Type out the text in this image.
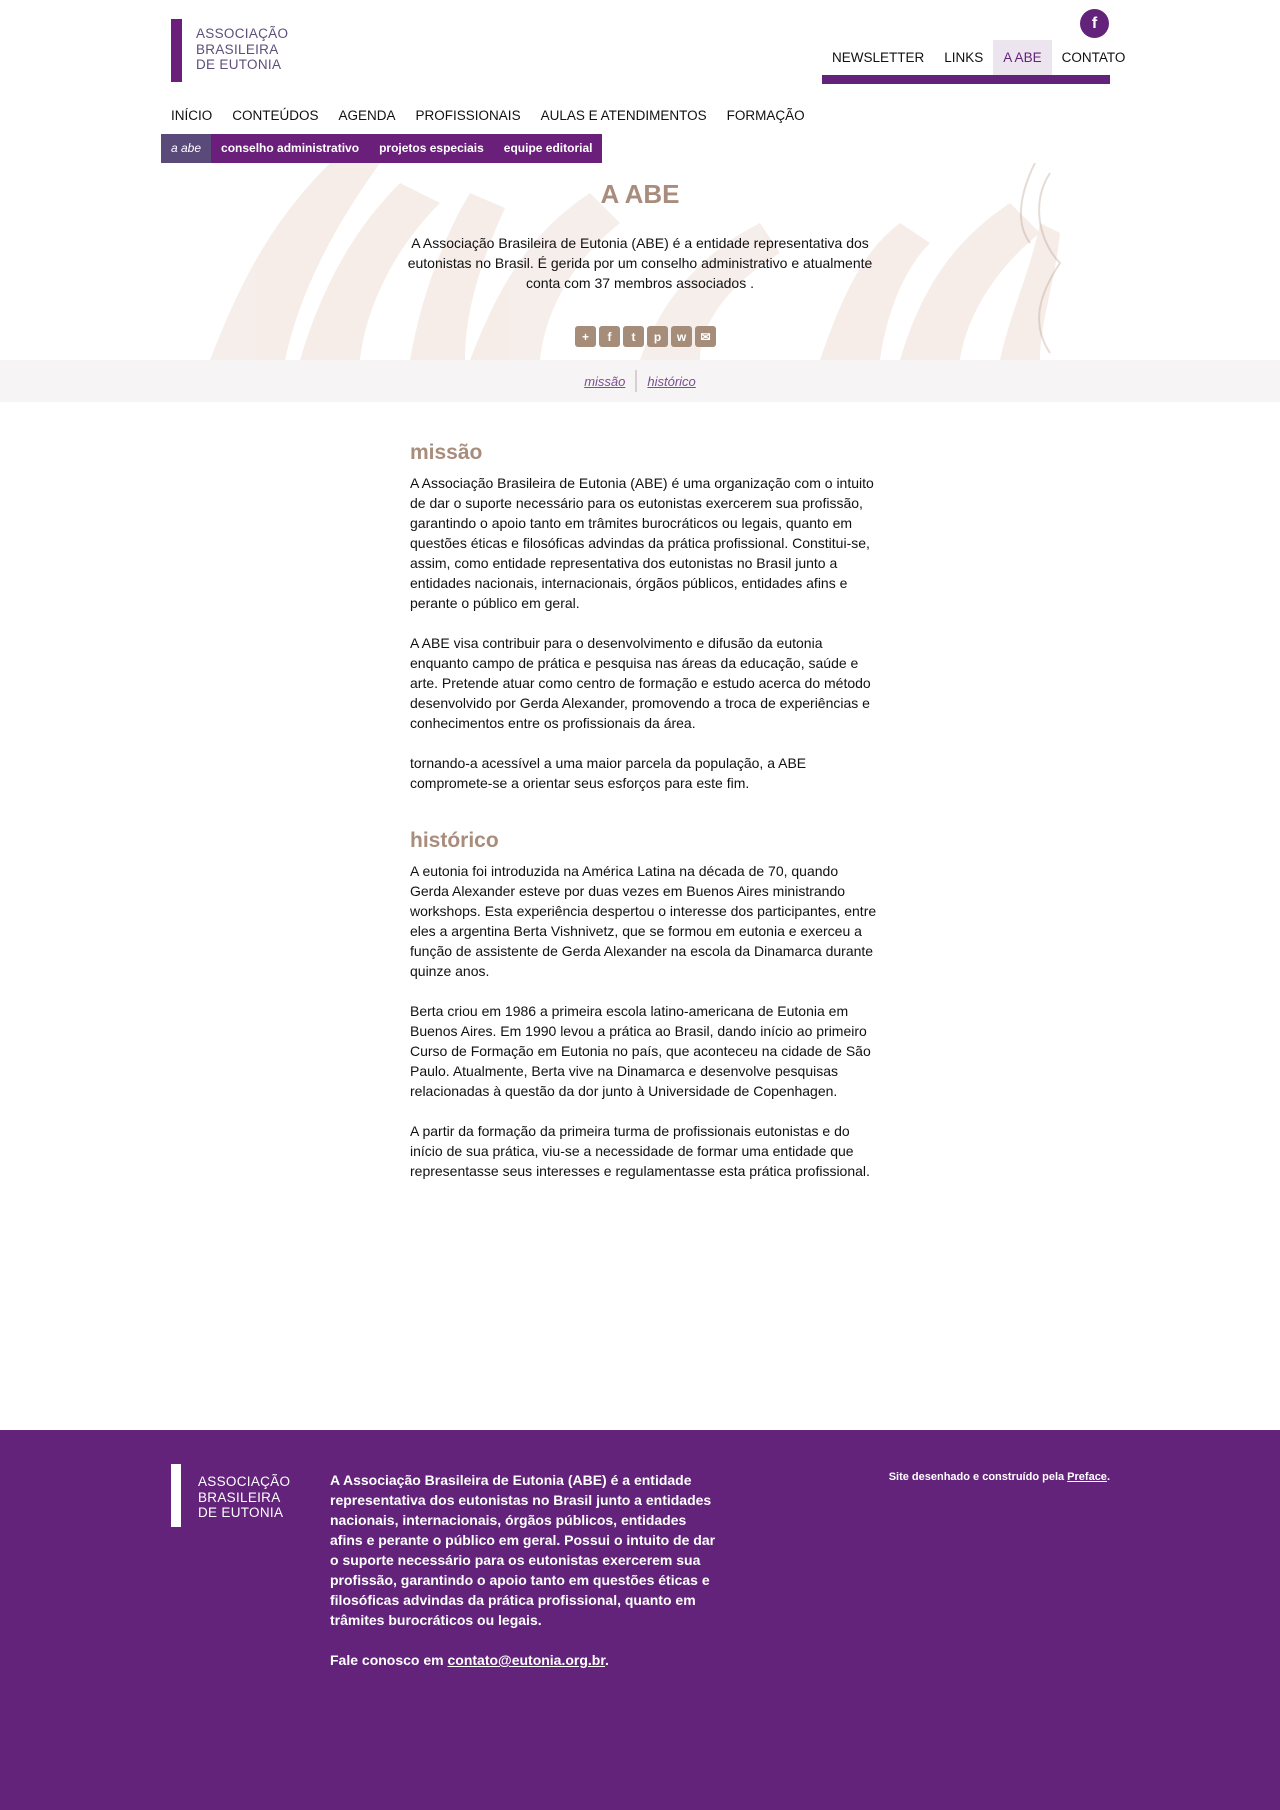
ASSOCIAÇÃO
BRASILEIRA
DE EUTONIA
f
NEWSLETTER	LINKS	A ABE	CONTATO
INÍCIO CONTEÚDOS AGENDA PROFISSIONAIS AULAS E ATENDIMENTOS FORMAÇÃO
a abe	conselho administrativo	projetos especiais	equipe editorial
A ABE

A Associação Brasileira de Eutonia (ABE) é a entidade representativa dos eutonistas no Brasil. É gerida por um conselho administrativo e atualmente conta com 37 membros associados .

+	f	t	p	w	✉
missão	histórico
missão

A Associação Brasileira de Eutonia (ABE) é uma organização com o intuito de dar o suporte necessário para os eutonistas exercerem sua profissão, garantindo o apoio tanto em trâmites burocráticos ou legais, quanto em questões éticas e filosóficas advindas da prática profissional. Constitui-se, assim, como entidade representativa dos eutonistas no Brasil junto a entidades nacionais, internacionais, órgãos públicos, entidades afins e perante o público em geral.

A ABE visa contribuir para o desenvolvimento e difusão da eutonia enquanto campo de prática e pesquisa nas áreas da educação, saúde e arte. Pretende atuar como centro de formação e estudo acerca do método desenvolvido por Gerda Alexander, promovendo a troca de experiências e conhecimentos entre os profissionais da área.

tornando-a acessível a uma maior parcela da população, a ABE compromete-se a orientar seus esforços para este fim.

histórico

A eutonia foi introduzida na América Latina na década de 70, quando Gerda Alexander esteve por duas vezes em Buenos Aires ministrando workshops. Esta experiência despertou o interesse dos participantes, entre eles a argentina Berta Vishnivetz, que se formou em eutonia e exerceu a função de assistente de Gerda Alexander na escola da Dinamarca durante quinze anos.

Berta criou em 1986 a primeira escola latino-americana de Eutonia em Buenos Aires. Em 1990 levou a prática ao Brasil, dando início ao primeiro Curso de Formação em Eutonia no país, que aconteceu na cidade de São Paulo. Atualmente, Berta vive na Dinamarca e desenvolve pesquisas relacionadas à questão da dor junto à Universidade de Copenhagen.

A partir da formação da primeira turma de profissionais eutonistas e do início de sua prática, viu-se a necessidade de formar uma entidade que representasse seus interesses e regulamentasse esta prática profissional.

ASSOCIAÇÃO
BRASILEIRA
DE EUTONIA

A Associação Brasileira de Eutonia (ABE) é a entidade representativa dos eutonistas no Brasil junto a entidades nacionais, internacionais, órgãos públicos, entidades afins e perante o público em geral. Possui o intuito de dar o suporte necessário para os eutonistas exercerem sua profissão, garantindo o apoio tanto em questões éticas e filosóficas advindas da prática profissional, quanto em trâmites burocráticos ou legais.

Fale conosco em contato@eutonia.org.br.

Site desenhado e construído pela Preface.
